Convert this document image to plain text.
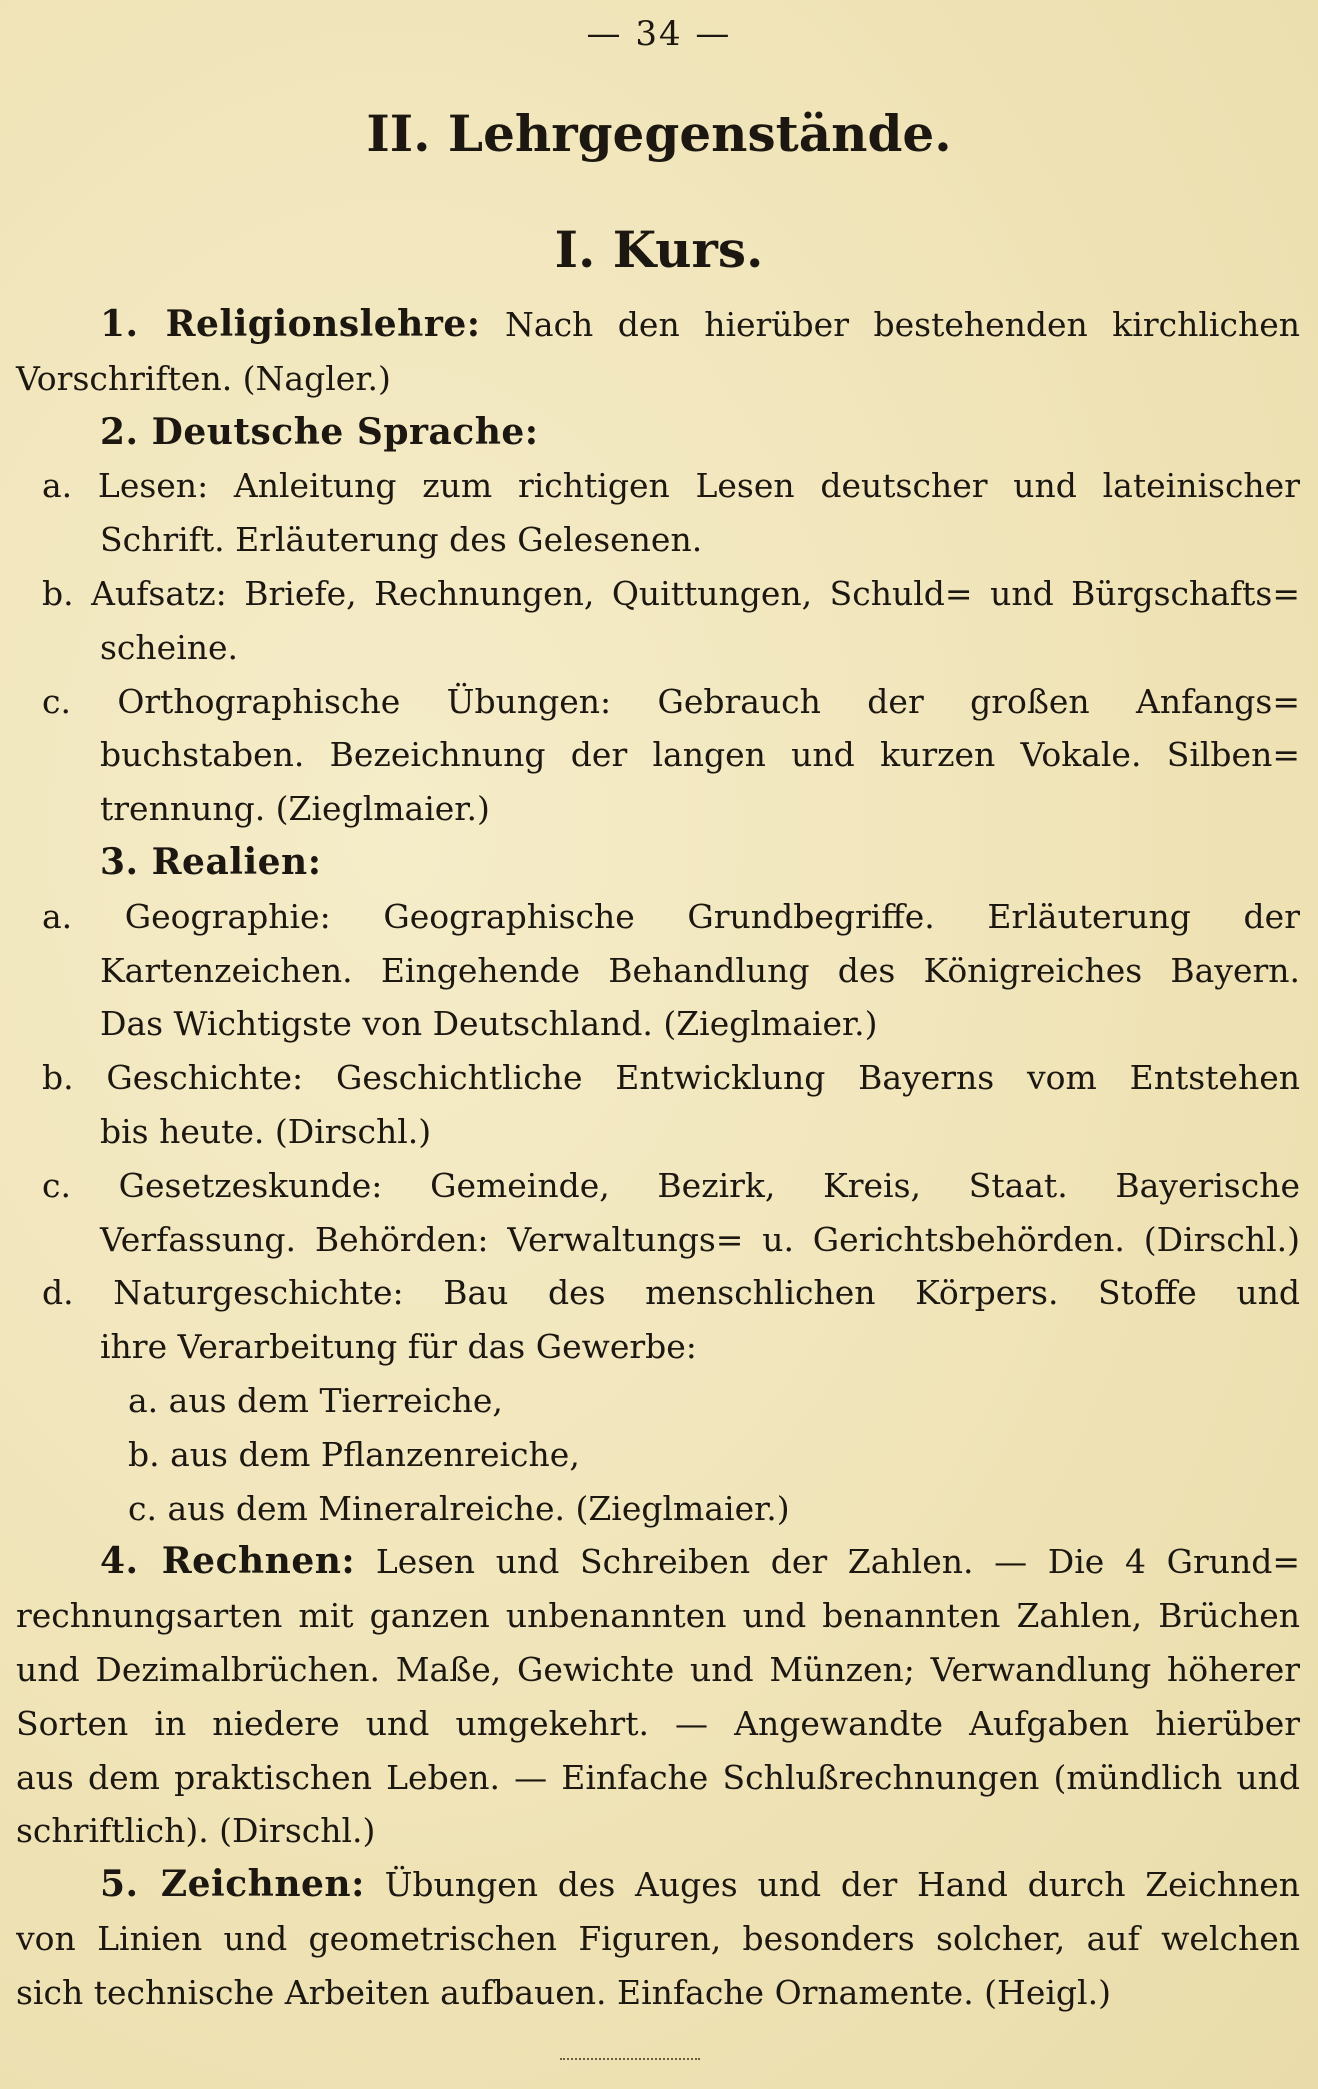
— 34 —
II. Lehrgegenstände.
I. Kurs.
1. Religionslehre: Nach den hierüber bestehenden kirchlichen
Vorschriften. (Nagler.)
2. Deutsche Sprache:
a. Lesen: Anleitung zum richtigen Lesen deutscher und lateinischer
Schrift. Erläuterung des Gelesenen.
b. Aufsatz: Briefe, Rechnungen, Quittungen, Schuld= und Bürgschafts=
scheine.
c. Orthographische Übungen: Gebrauch der großen Anfangs=
buchstaben. Bezeichnung der langen und kurzen Vokale. Silben=
trennung. (Zieglmaier.)
3. Realien:
a. Geographie: Geographische Grundbegriffe. Erläuterung der
Kartenzeichen. Eingehende Behandlung des Königreiches Bayern.
Das Wichtigste von Deutschland. (Zieglmaier.)
b. Geschichte: Geschichtliche Entwicklung Bayerns vom Entstehen
bis heute. (Dirschl.)
c. Gesetzeskunde: Gemeinde, Bezirk, Kreis, Staat. Bayerische
Verfassung. Behörden: Verwaltungs= u. Gerichtsbehörden. (Dirschl.)
d. Naturgeschichte: Bau des menschlichen Körpers. Stoffe und
ihre Verarbeitung für das Gewerbe:
a. aus dem Tierreiche,
b. aus dem Pflanzenreiche,
c. aus dem Mineralreiche. (Zieglmaier.)
4. Rechnen: Lesen und Schreiben der Zahlen. — Die 4 Grund=
rechnungsarten mit ganzen unbenannten und benannten Zahlen, Brüchen
und Dezimalbrüchen. Maße, Gewichte und Münzen; Verwandlung höherer
Sorten in niedere und umgekehrt. — Angewandte Aufgaben hierüber
aus dem praktischen Leben. — Einfache Schlußrechnungen (mündlich und
schriftlich). (Dirschl.)
5. Zeichnen: Übungen des Auges und der Hand durch Zeichnen
von Linien und geometrischen Figuren, besonders solcher, auf welchen
sich technische Arbeiten aufbauen. Einfache Ornamente. (Heigl.)
